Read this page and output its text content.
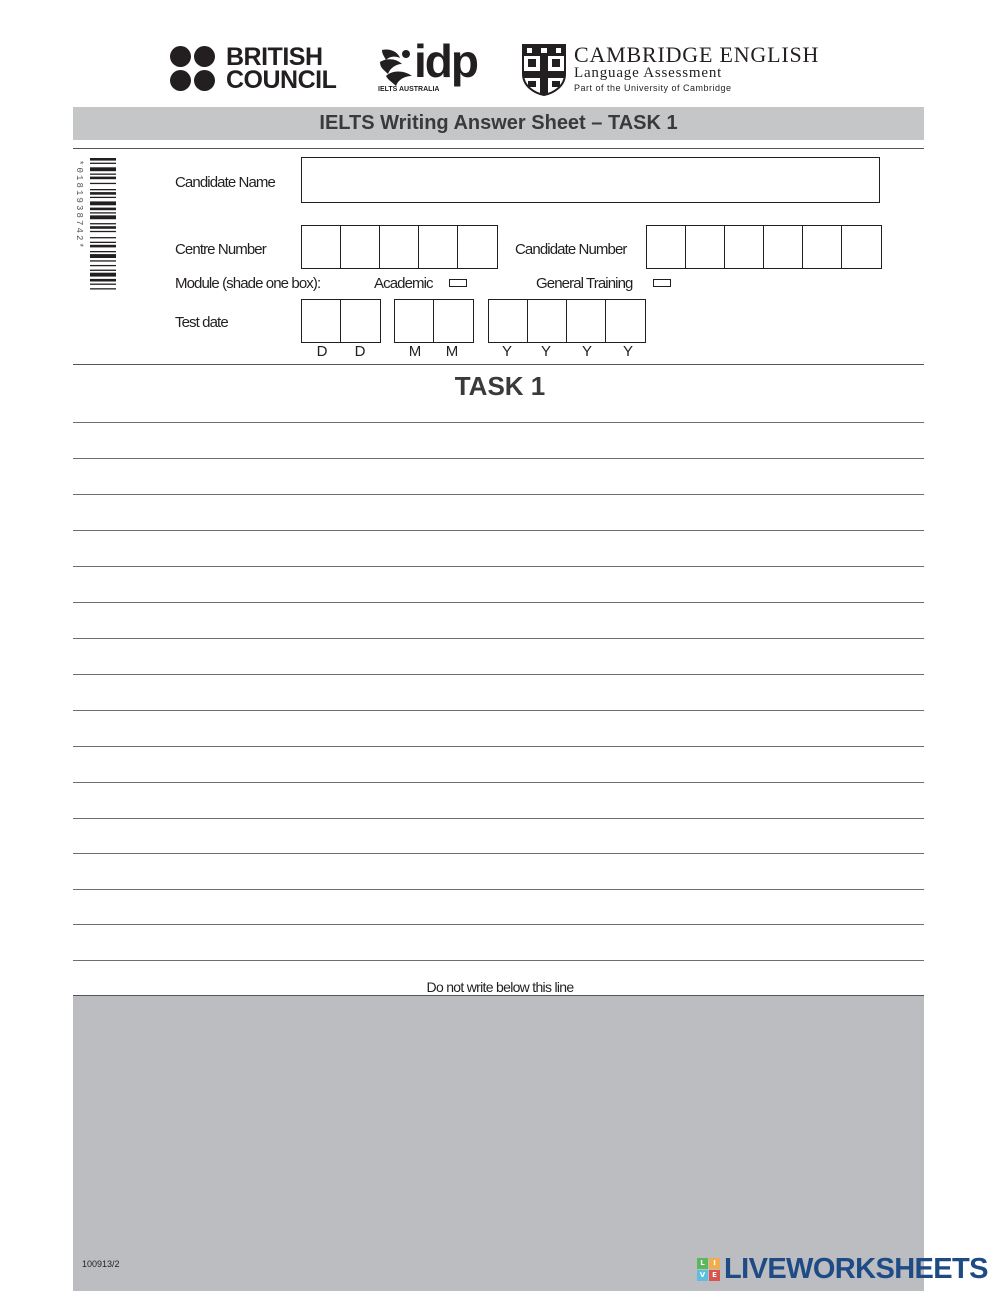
BRITISH
COUNCIL idp
IELTS AUSTRALIA
CAMBRIDGE ENGLISH
Language Assessment
Part of the University of Cambridge
IELTS Writing Answer Sheet – TASK 1
*0181938742*	Candidate Name
Centre Number	Candidate Number
Module (shade one box):	Academic	General Training
Test date
D	D	M M	Y	Y	Y	Y
TASK 1
Do not write below this line
100913/2	L	I
V E LIVEWORKSHEETS
